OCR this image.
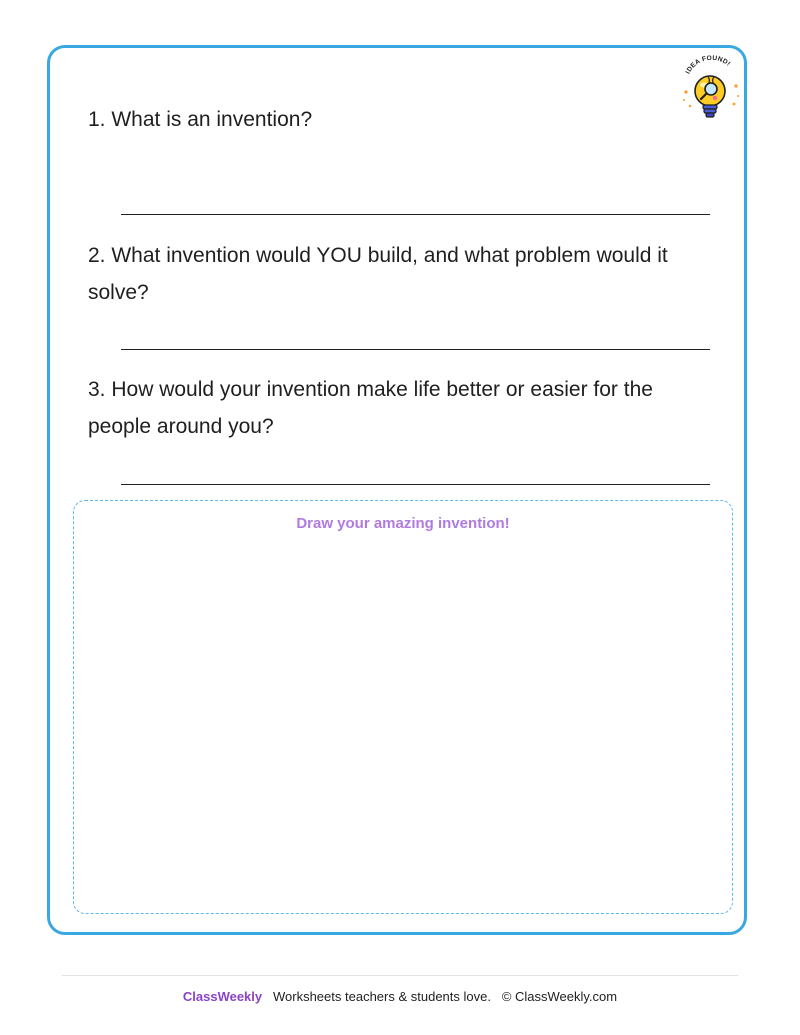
IDEA FOUND!
1. What is an invention?
2. What invention would YOU build, and what problem would it solve?
3. How would your invention make life better or easier for the people around you?
Draw your amazing invention!
ClassWeekly Worksheets teachers & students love. © ClassWeekly.com
